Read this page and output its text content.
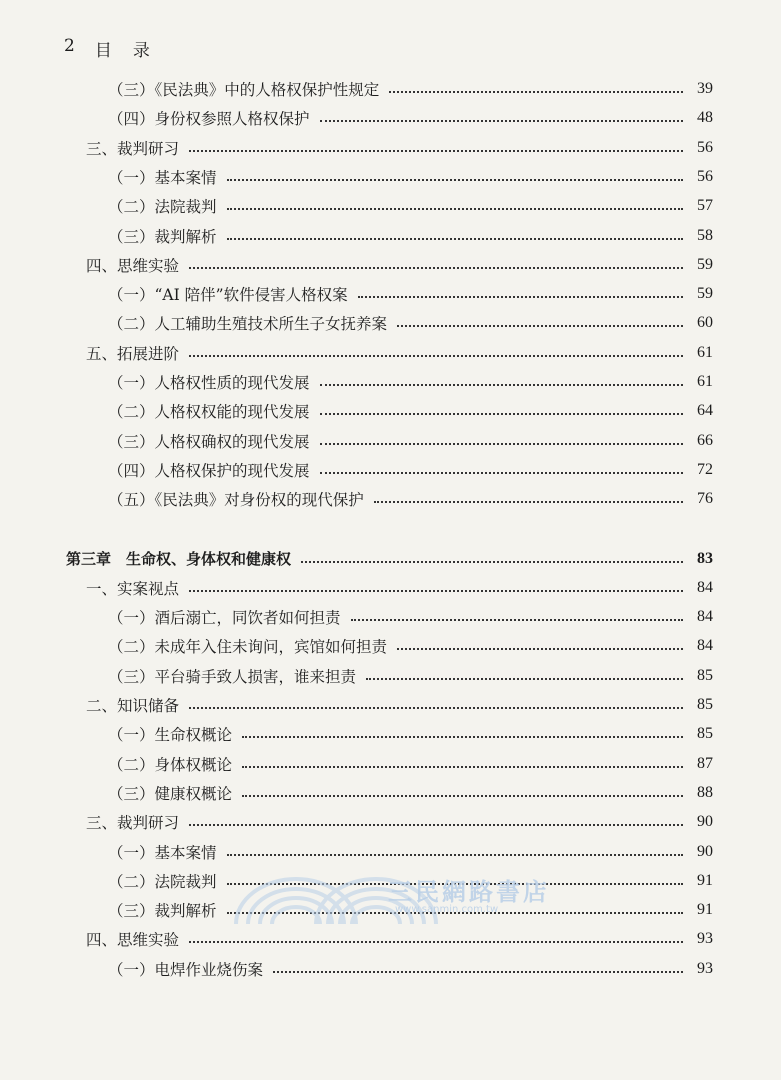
2 目　录
（三）《民法典》中的人格权保护性规定	39
（四）身份权参照人格权保护	48
三、裁判研习	56
（一）基本案情	56
（二）法院裁判	57
（三）裁判解析	58
四、思维实验	59
（一）“AI 陪伴”软件侵害人格权案	59
（二）人工辅助生殖技术所生子女抚养案	60
五、拓展进阶	61
（一）人格权性质的现代发展	61
（二）人格权权能的现代发展	64
（三）人格权确权的现代发展	66
（四）人格权保护的现代发展	72
（五）《民法典》对身份权的现代保护	76
第三章　生命权、身体权和健康权	83
一、实案视点	84
（一）酒后溺亡，同饮者如何担责	84
（二）未成年入住未询问，宾馆如何担责	84
（三）平台骑手致人损害，谁来担责	85
二、知识储备	85
（一）生命权概论	85
（二）身体权概论	87
（三）健康权概论	88
三、裁判研习	90
（一）基本案情	90
（二）法院裁判	91
（三）裁判解析	91
四、思维实验	93
（一）电焊作业烧伤案	93
三民網路書店
www.sanmin.com.tw
